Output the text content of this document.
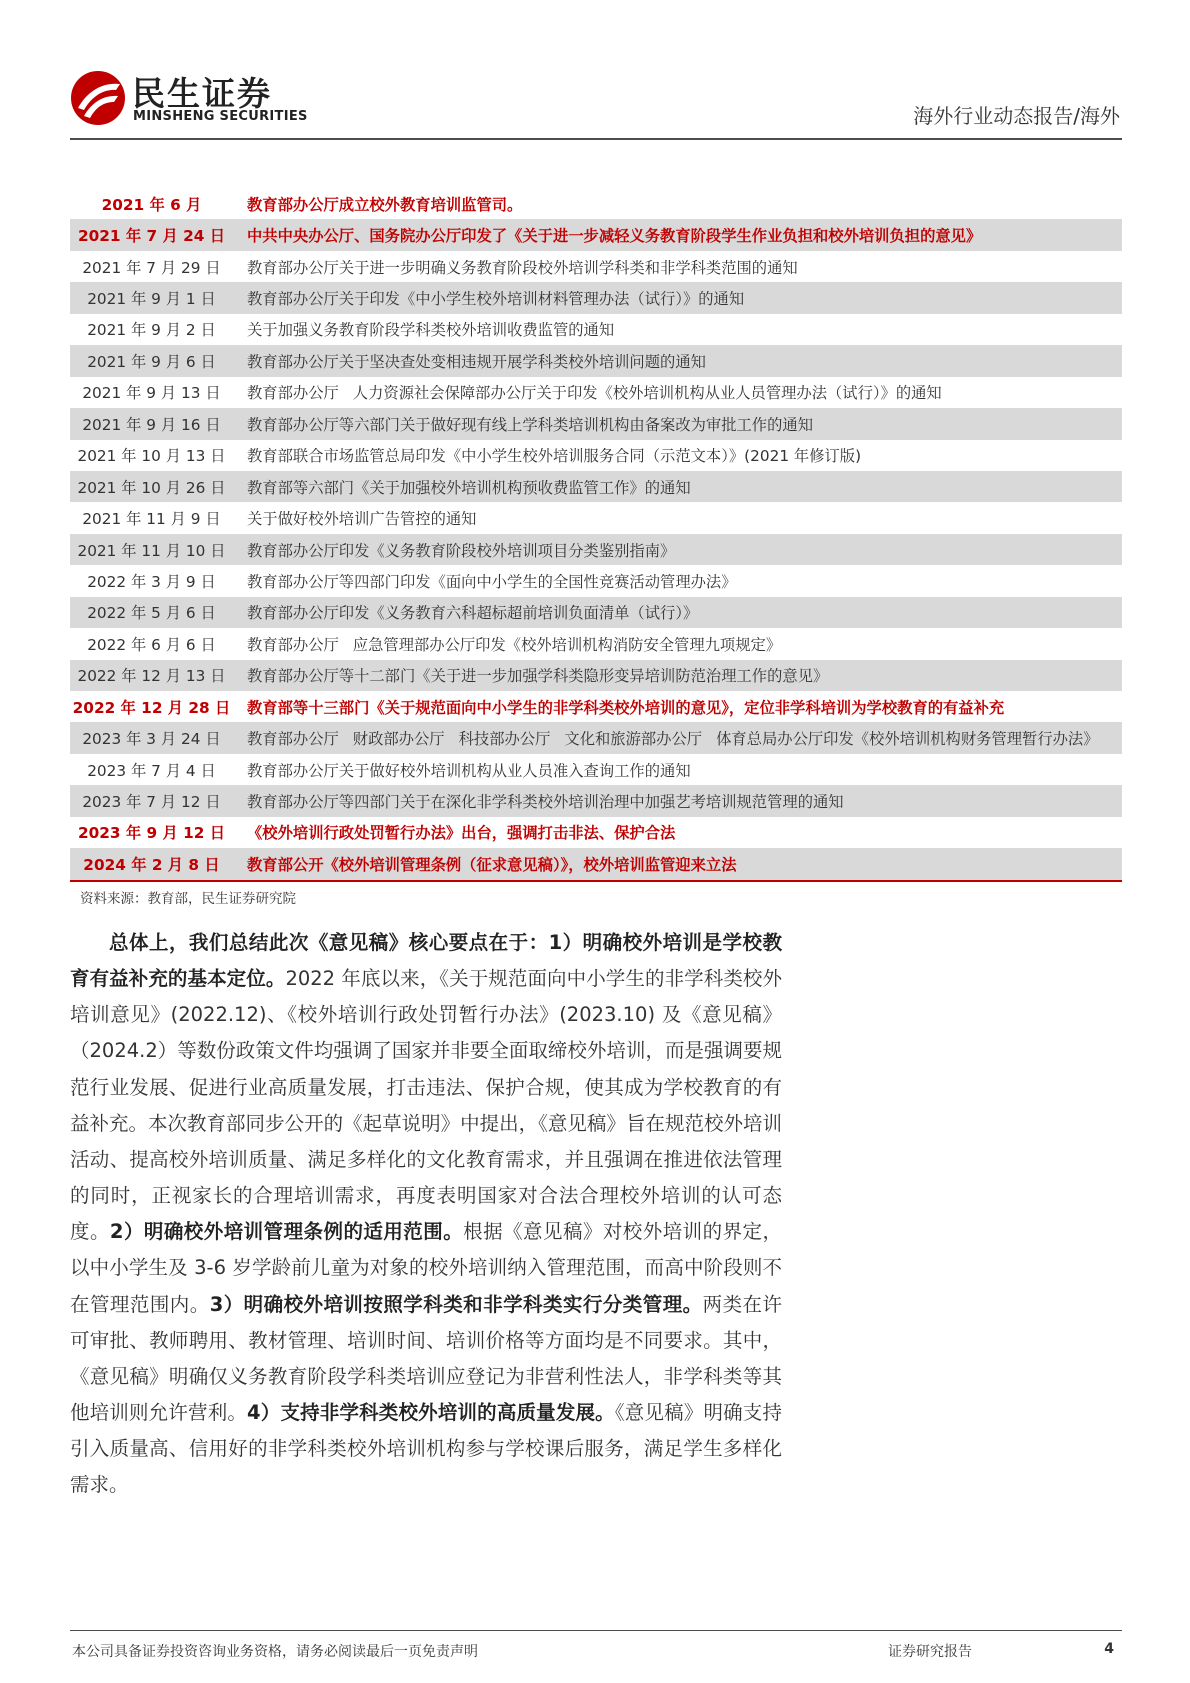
民生证券
MINSHENG SECURITIES	海外行业动态报告/海外
2021 年 6 月	教育部办公厅成立校外教育培训监管司。
2021 年 7 月 24 日	中共中央办公厅、国务院办公厅印发了《关于进一步减轻义务教育阶段学生作业负担和校外培训负担的意见》
2021 年 7 月 29 日	教育部办公厅关于进一步明确义务教育阶段校外培训学科类和非学科类范围的通知
2021 年 9 月 1 日	教育部办公厅关于印发《中小学生校外培训材料管理办法（试行）》的通知
2021 年 9 月 2 日	关于加强义务教育阶段学科类校外培训收费监管的通知
2021 年 9 月 6 日	教育部办公厅关于坚决查处变相违规开展学科类校外培训问题的通知
2021 年 9 月 13 日	教育部办公厅 人力资源社会保障部办公厅关于印发《校外培训机构从业人员管理办法（试行）》的通知
2021 年 9 月 16 日	教育部办公厅等六部门关于做好现有线上学科类培训机构由备案改为审批工作的通知
2021 年 10 月 13 日	教育部联合市场监管总局印发《中小学生校外培训服务合同（示范文本）》(2021 年修订版)
2021 年 10 月 26 日	教育部等六部门《关于加强校外培训机构预收费监管工作》的通知
2021 年 11 月 9 日	关于做好校外培训广告管控的通知
2021 年 11 月 10 日	教育部办公厅印发《义务教育阶段校外培训项目分类鉴别指南》
2022 年 3 月 9 日	教育部办公厅等四部门印发《面向中小学生的全国性竞赛活动管理办法》
2022 年 5 月 6 日	教育部办公厅印发《义务教育六科超标超前培训负面清单（试行）》
2022 年 6 月 6 日	教育部办公厅 应急管理部办公厅印发《校外培训机构消防安全管理九项规定》
2022 年 12 月 13 日	教育部办公厅等十二部门《关于进一步加强学科类隐形变异培训防范治理工作的意见》
2022 年 12 月 28 日	教育部等十三部门《关于规范面向中小学生的非学科类校外培训的意见》，定位非学科培训为学校教育的有益补充
2023 年 3 月 24 日	教育部办公厅 财政部办公厅 科技部办公厅 文化和旅游部办公厅 体育总局办公厅印发《校外培训机构财务管理暂行办法》
2023 年 7 月 4 日	教育部办公厅关于做好校外培训机构从业人员准入查询工作的通知
2023 年 7 月 12 日	教育部办公厅等四部门关于在深化非学科类校外培训治理中加强艺考培训规范管理的通知
2023 年 9 月 12 日	《校外培训行政处罚暂行办法》出台，强调打击非法、保护合法
2024 年 2 月 8 日	教育部公开《校外培训管理条例（征求意见稿）》，校外培训监管迎来立法
资料来源：教育部，民生证券研究院

总体上，我们总结此次《意见稿》核心要点在于：1）明确校外培训是学校教育有益补充的基本定位。2022 年底以来，《关于规范面向中小学生的非学科类校外培训意见》(2022.12)、《校外培训行政处罚暂行办法》(2023.10) 及《意见稿》（2024.2）等数份政策文件均强调了国家并非要全面取缔校外培训，而是强调要规范行业发展、促进行业高质量发展，打击违法、保护合规，使其成为学校教育的有益补充。本次教育部同步公开的《起草说明》中提出，《意见稿》旨在规范校外培训活动、提高校外培训质量、满足多样化的文化教育需求，并且强调在推进依法管理的同时，正视家长的合理培训需求，再度表明国家对合法合理校外培训的认可态度。2）明确校外培训管理条例的适用范围。根据《意见稿》对校外培训的界定，以中小学生及 3-6 岁学龄前儿童为对象的校外培训纳入管理范围，而高中阶段则不在管理范围内。3）明确校外培训按照学科类和非学科类实行分类管理。两类在许可审批、教师聘用、教材管理、培训时间、培训价格等方面均是不同要求。其中，《意见稿》明确仅义务教育阶段学科类培训应登记为非营利性法人，非学科类等其他培训则允许营利。4）支持非学科类校外培训的高质量发展。《意见稿》明确支持引入质量高、信用好的非学科类校外培训机构参与学校课后服务，满足学生多样化需求。

本公司具备证券投资咨询业务资格，请务必阅读最后一页免责声明	证券研究报告	4
